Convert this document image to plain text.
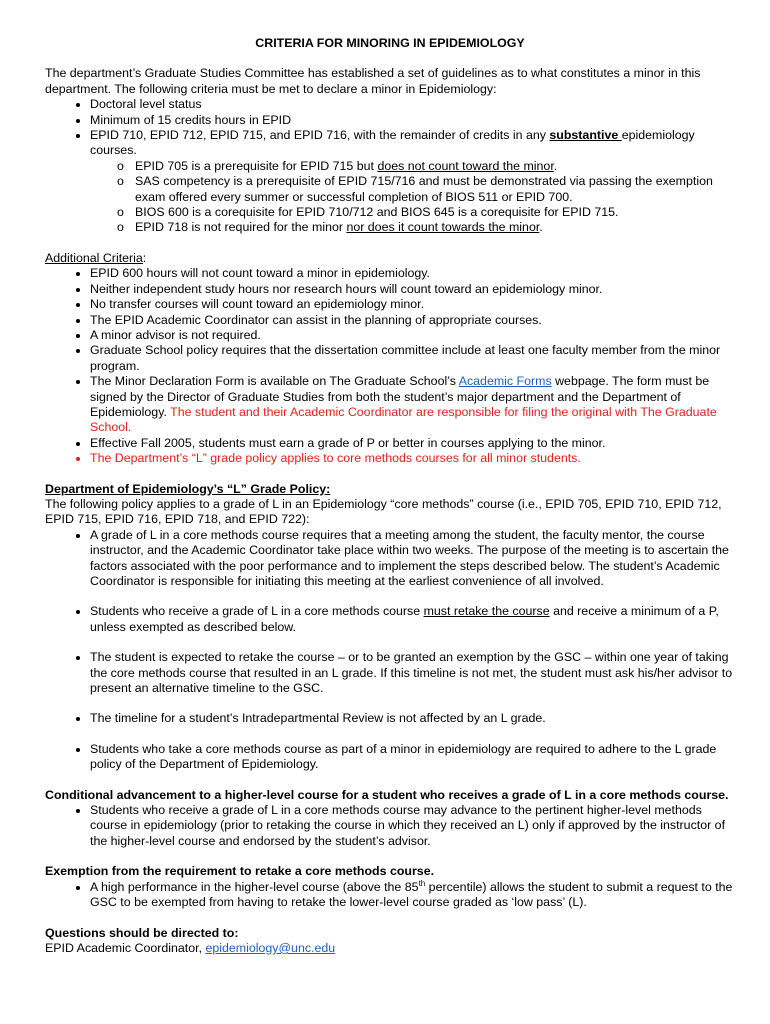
CRITERIA FOR MINORING IN EPIDEMIOLOGY

The department’s Graduate Studies Committee has established a set of guidelines as to what constitutes a minor in this department. The following criteria must be met to declare a minor in Epidemiology:

• Doctoral level status
• Minimum of 15 credits hours in EPID
• EPID 710, EPID 712, EPID 715, and EPID 716, with the remainder of credits in any substantive epidemiology courses.
o EPID 705 is a prerequisite for EPID 715 but does not count toward the minor.
o SAS competency is a prerequisite of EPID 715/716 and must be demonstrated via passing the exemption exam offered every summer or successful completion of BIOS 511 or EPID 700.
o BIOS 600 is a corequisite for EPID 710/712 and BIOS 645 is a corequisite for EPID 715.
o EPID 718 is not required for the minor nor does it count towards the minor.

Additional Criteria:

• EPID 600 hours will not count toward a minor in epidemiology.
• Neither independent study hours nor research hours will count toward an epidemiology minor.
• No transfer courses will count toward an epidemiology minor.
• The EPID Academic Coordinator can assist in the planning of appropriate courses.
• A minor advisor is not required.
• Graduate School policy requires that the dissertation committee include at least one faculty member from the minor program.
• The Minor Declaration Form is available on The Graduate School’s Academic Forms webpage. The form must be signed by the Director of Graduate Studies from both the student’s major department and the Department of Epidemiology. The student and their Academic Coordinator are responsible for filing the original with The Graduate School.
• Effective Fall 2005, students must earn a grade of P or better in courses applying to the minor.
• The Department’s “L” grade policy applies to core methods courses for all minor students.

Department of Epidemiology’s “L” Grade Policy:

The following policy applies to a grade of L in an Epidemiology “core methods” course (i.e., EPID 705, EPID 710, EPID 712, EPID 715, EPID 716, EPID 718, and EPID 722):

• A grade of L in a core methods course requires that a meeting among the student, the faculty mentor, the course instructor, and the Academic Coordinator take place within two weeks. The purpose of the meeting is to ascertain the factors associated with the poor performance and to implement the steps described below. The student’s Academic Coordinator is responsible for initiating this meeting at the earliest convenience of all involved.
• Students who receive a grade of L in a core methods course must retake the course and receive a minimum of a P, unless exempted as described below.
• The student is expected to retake the course – or to be granted an exemption by the GSC – within one year of taking the core methods course that resulted in an L grade. If this timeline is not met, the student must ask his/her advisor to present an alternative timeline to the GSC.
• The timeline for a student’s Intradepartmental Review is not affected by an L grade.
• Students who take a core methods course as part of a minor in epidemiology are required to adhere to the L grade policy of the Department of Epidemiology.

Conditional advancement to a higher-level course for a student who receives a grade of L in a core methods course.

• Students who receive a grade of L in a core methods course may advance to the pertinent higher-level methods course in epidemiology (prior to retaking the course in which they received an L) only if approved by the instructor of the higher-level course and endorsed by the student’s advisor.

Exemption from the requirement to retake a core methods course.

• A high performance in the higher-level course (above the 85th percentile) allows the student to submit a request to the GSC to be exempted from having to retake the lower-level course graded as ‘low pass’ (L).

Questions should be directed to:

EPID Academic Coordinator, epidemiology@unc.edu
